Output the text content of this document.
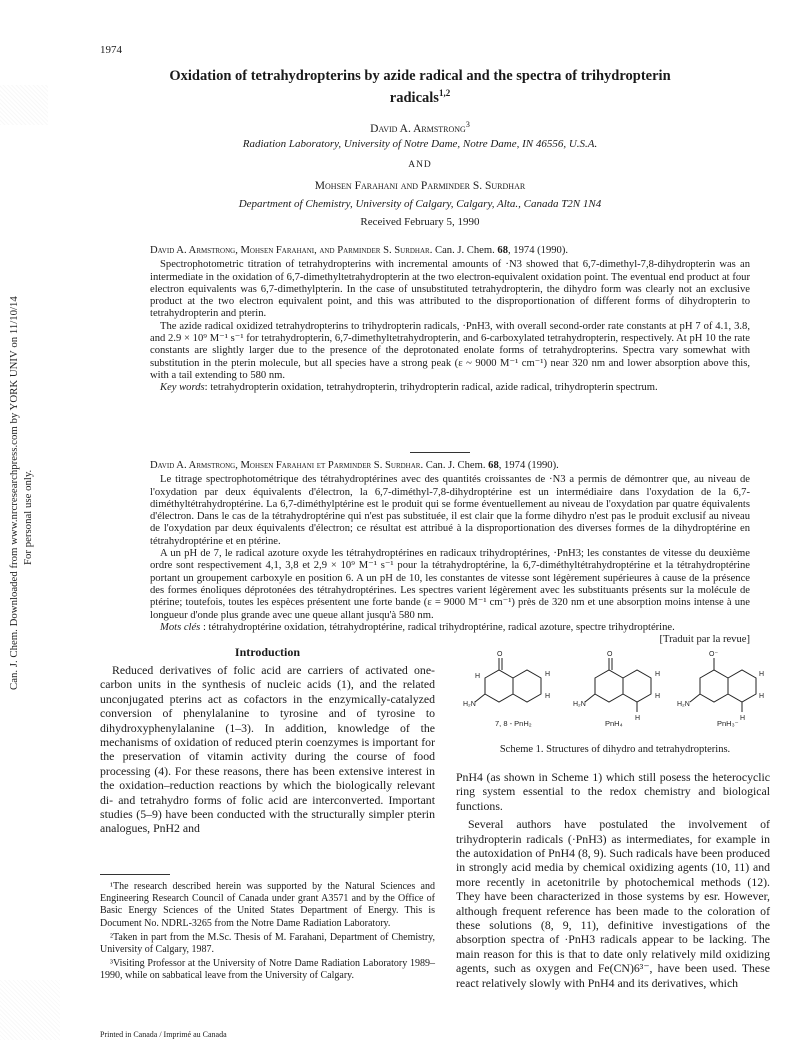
Can. J. Chem. Downloaded from www.nrcresearchpress.com by YORK UNIV on 11/10/14 For personal use only.
1974
Oxidation of tetrahydropterins by azide radical and the spectra of trihydropterin
radicals$^{1,2}$
David A. Armstrong$^3$
Radiation Laboratory, University of Notre Dame, Notre Dame, IN 46556, U.S.A.
AND
Mohsen Farahani and Parminder S. Surdhar
Department of Chemistry, University of Calgary, Calgary, Alta., Canada T2N 1N4
Received February 5, 1990

David A. Armstrong, Mohsen Farahani, and Parminder S. Surdhar. Can. J. Chem. 68, 1974 (1990).

Spectrophotometric titration of tetrahydropterins with incremental amounts of ·N3 showed that 6,7-dimethyl-7,8-dihydropterin was an intermediate in the oxidation of 6,7-dimethyltetrahydropterin at the two electron-equivalent oxidation point. The eventual end product at four electron equivalents was 6,7-dimethylpterin. In the case of unsubstituted tetrahydropterin, the dihydro form was clearly not an exclusive product at the two electron equivalent point, and this was attributed to the disproportionation of different forms of dihydropterin to tetrahydropterin and pterin.

The azide radical oxidized tetrahydropterins to trihydropterin radicals, ·PnH3, with overall second-order rate constants at pH 7 of 4.1, 3.8, and 2.9 × 10⁹ M⁻¹ s⁻¹ for tetrahydropterin, 6,7-dimethyltetrahydropterin, and 6-carboxylated tetrahydropterin, respectively. At pH 10 the rate constants are slightly larger due to the presence of the deprotonated enolate forms of tetrahydropterins. Spectra vary somewhat with substitution in the pterin molecule, but all species have a strong peak (ε ~ 9000 M⁻¹ cm⁻¹) near 320 nm and lower absorption above this, with a tail extending to 580 nm.

Key words: tetrahydropterin oxidation, tetrahydropterin, trihydropterin radical, azide radical, trihydropterin spectrum.

David A. Armstrong, Mohsen Farahani et Parminder S. Surdhar. Can. J. Chem. 68, 1974 (1990).

Le titrage spectrophotométrique des tétrahydroptérines avec des quantités croissantes de ·N3 a permis de démontrer que, au niveau de l'oxydation par deux équivalents d'électron, la 6,7-diméthyl-7,8-dihydroptérine est un intermédiaire dans l'oxydation de la 6,7-diméthyltétrahydroptérine. La 6,7-diméthylptérine est le produit qui se forme éventuellement au niveau de l'oxydation par quatre équivalents d'électron. Dans le cas de la tétrahydroptérine qui n'est pas substituée, il est clair que la forme dihydro n'est pas le produit exclusif au niveau de l'oxydation par deux équivalents d'électron; ce résultat est attribué à la disproportionation des diverses formes de la dihydroptérine en tétrahydroptérine et en ptérine.

A un pH de 7, le radical azoture oxyde les tétrahydroptérines en radicaux trihydroptérines, ·PnH3; les constantes de vitesse du deuxième ordre sont respectivement 4,1, 3,8 et 2,9 × 10⁹ M⁻¹ s⁻¹ pour la tétrahydroptérine, la 6,7-diméthyltétrahydroptérine et la tétrahydroptérine portant un groupement carboxyle en position 6. A un pH de 10, les constantes de vitesse sont légèrement supérieures à cause de la présence des formes énoliques déprotonées des tétrahydroptérines. Les spectres varient légèrement avec les substituants présents sur la molécule de ptérine; toutefois, toutes les espèces présentent une forte bande (ε = 9000 M⁻¹ cm⁻¹) près de 320 nm et une absorption moins intense à une longueur d'onde plus grande avec une queue allant jusqu'à 580 nm.

Mots clés : tétrahydroptérine oxidation, tétrahydroptérine, radical trihydroptérine, radical azoture, spectre trihydroptérine.

[Traduit par la revue]

Introduction

Reduced derivatives of folic acid are carriers of activated one-carbon units in the synthesis of nucleic acids (1), and the related unconjugated pterins act as cofactors in the enzymically-catalyzed conversion of phenylalanine to tyrosine and of tyrosine to dihydroxyphenylalanine (1–3). In addition, knowledge of the mechanisms of oxidation of reduced pterin coenzymes is important for the preservation of vitamin activity during the course of food processing (4). For these reasons, there has been extensive interest in the oxidation–reduction reactions by which the biologically relevant di- and tetrahydro forms of folic acid are interconverted. Important studies (5–9) have been conducted with the structurally simpler pterin analogues, PnH2 and

¹The research described herein was supported by the Natural Sciences and Engineering Research Council of Canada under grant A3571 and by the Office of Basic Energy Sciences of the United States Department of Energy. This is Document No. NDRL-3265 from the Notre Dame Radiation Laboratory.

²Taken in part from the M.Sc. Thesis of M. Farahani, Department of Chemistry, University of Calgary, 1987.

³Visiting Professor at the University of Notre Dame Radiation Laboratory 1989–1990, while on sabbatical leave from the University of Calgary.

Printed in Canada / Imprimé au Canada
O
H
H₂N
H
H
O
H₂N
H
H
H
O⁻
H₂N
H
H
H
7, 8 - PnH₂	PnH₄	PnH₃⁻
Scheme 1. Structures of dihydro and tetrahydropterins.

PnH4 (as shown in Scheme 1) which still posess the heterocyclic ring system essential to the redox chemistry and biological functions.

Several authors have postulated the involvement of trihydropterin radicals (·PnH3) as intermediates, for example in the autoxidation of PnH4 (8, 9). Such radicals have been produced in strongly acid media by chemical oxidizing agents (10, 11) and more recently in acetonitrile by photochemical methods (12). They have been characterized in those systems by esr. However, although frequent reference has been made to the coloration of these solutions (8, 9, 11), definitive investigations of the absorption spectra of ·PnH3 radicals appear to be lacking. The main reason for this is that to date only relatively mild oxidizing agents, such as oxygen and Fe(CN)6³⁻, have been used. These react relatively slowly with PnH4 and its derivatives, which
